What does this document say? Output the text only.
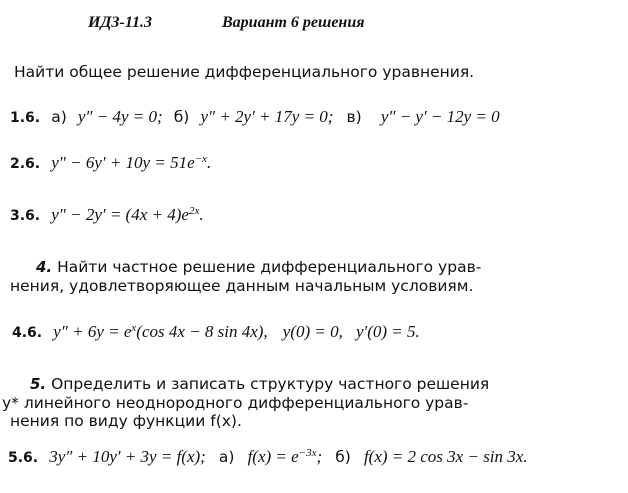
ИДЗ-11.3	Вариант 6 решения
Найти общее решение дифференциального уравнения.
1.6. а) y″ − 4y = 0; б) y″ + 2y′ + 17y = 0; в) y″ − y′ − 12y = 0
2.6. $y'' - 6y' + 10y = 51e^{-x}$.
3.6. $y'' - 2y' = (4x + 4)e^{2x}$.
4. Найти частное решение дифференциального урав-
нения, удовлетворяющее данным начальным условиям.
4.6. $y'' + 6y = e^x(\cos$ 4x − 8 sin 4x), y(0) = 0, y′(0) = 5.
5. Определить и записать структуру частного решения
y* линейного неоднородного дифференциального урав-
нения по виду функции f(x).
5.6. 3y″ + 10y′ + 3y = f(x); а) $f(x) = e^{-3x}$; б) f(x) = 2 cos 3x − sin 3x.
